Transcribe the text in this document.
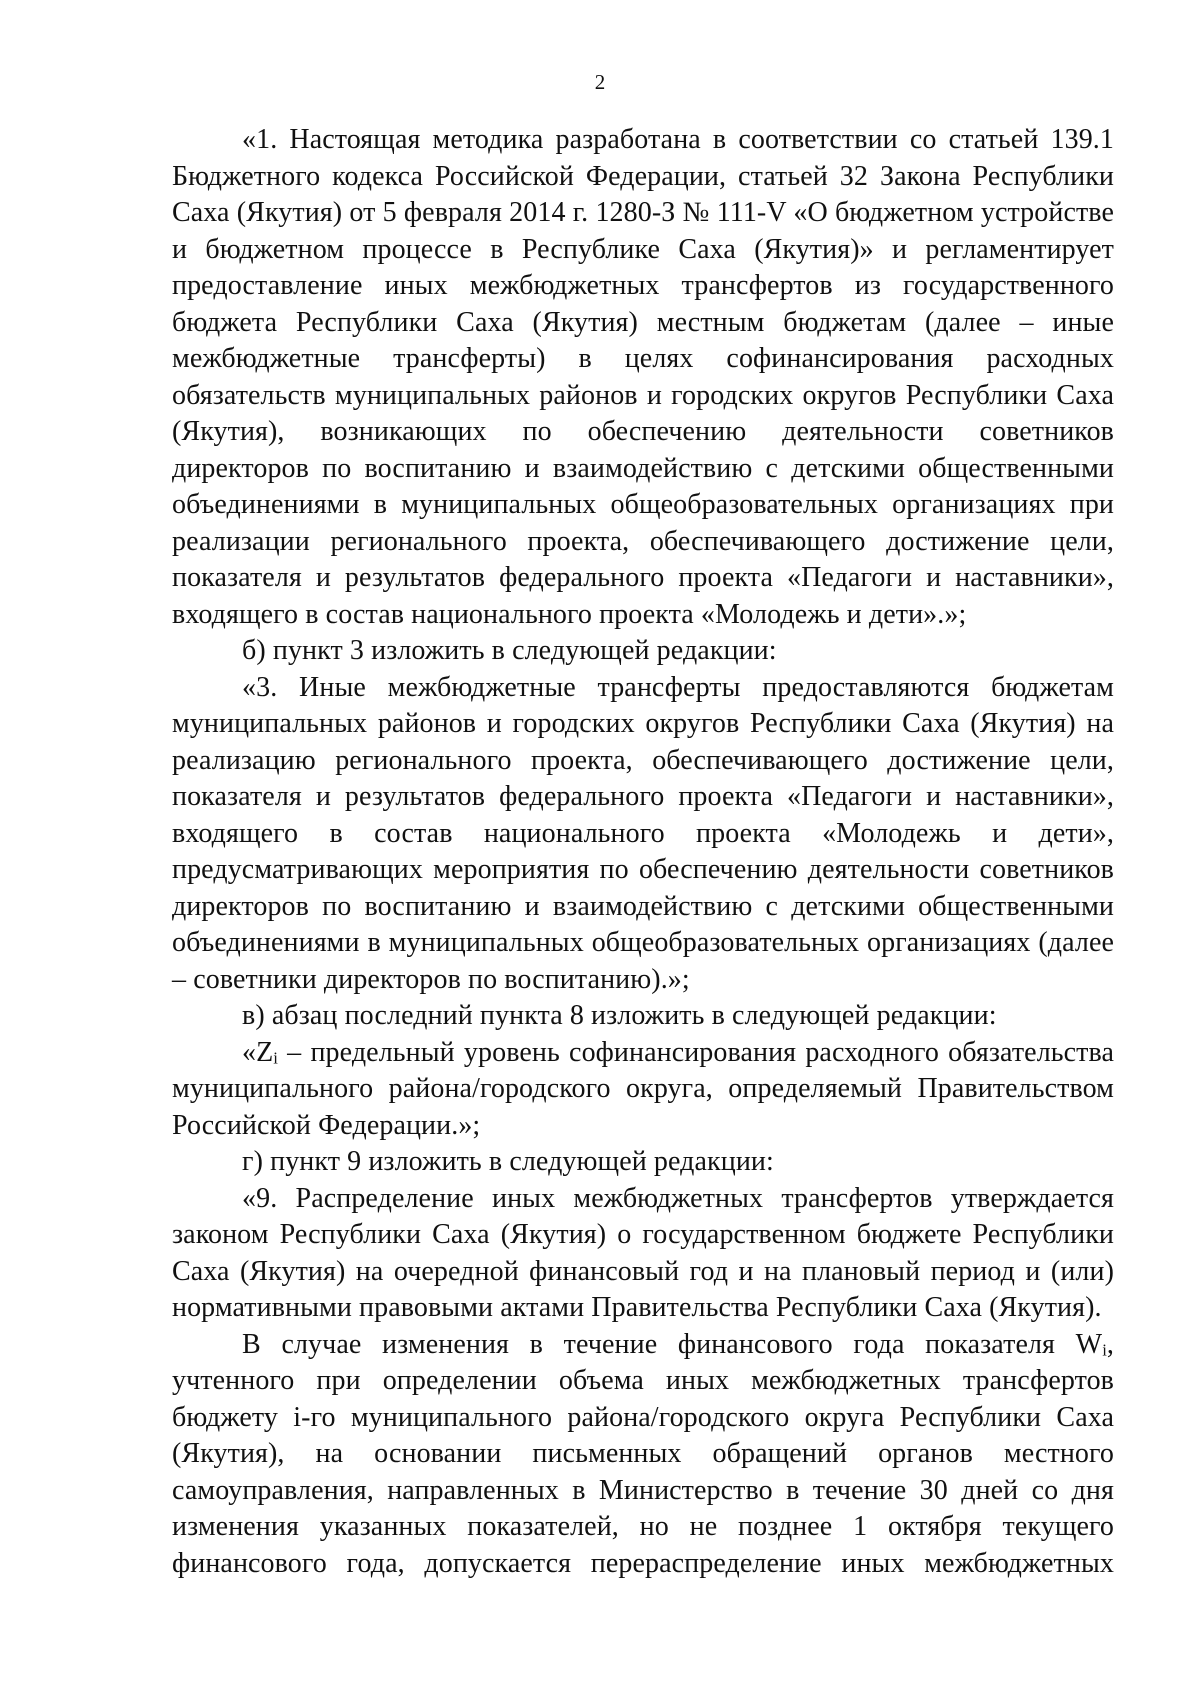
2

«1. Настоящая методика разработана в соответствии со статьей 139.1 Бюджетного кодекса Российской Федерации, статьей 32 Закона Республики Саха (Якутия) от 5 февраля 2014 г. 1280-З № 111-V «О бюджетном устройстве и бюджетном процессе в Республике Саха (Якутия)» и регламентирует предоставление иных межбюджетных трансфертов из государственного бюджета Республики Саха (Якутия) местным бюджетам (далее – иные межбюджетные трансферты) в целях софинансирования расходных обязательств муниципальных районов и городских округов Республики Саха (Якутия), возникающих по обеспечению деятельности советников директоров по воспитанию и взаимодействию с детскими общественными объединениями в муниципальных общеобразовательных организациях при реализации регионального проекта, обеспечивающего достижение цели, показателя и результатов федерального проекта «Педагоги и наставники», входящего в состав национального проекта «Молодежь и дети».»;

б) пункт 3 изложить в следующей редакции:

«3. Иные межбюджетные трансферты предоставляются бюджетам муниципальных районов и городских округов Республики Саха (Якутия) на реализацию регионального проекта, обеспечивающего достижение цели, показателя и результатов федерального проекта «Педагоги и наставники», входящего в состав национального проекта «Молодежь и дети», предусматривающих мероприятия по обеспечению деятельности советников директоров по воспитанию и взаимодействию с детскими общественными объединениями в муниципальных общеобразовательных организациях (далее – советники директоров по воспитанию).»;

в) абзац последний пункта 8 изложить в следующей редакции:

«Zᵢ – предельный уровень софинансирования расходного обязательства муниципального района/городского округа, определяемый Правительством Российской Федерации.»;

г) пункт 9 изложить в следующей редакции:

«9. Распределение иных межбюджетных трансфертов утверждается законом Республики Саха (Якутия) о государственном бюджете Республики Саха (Якутия) на очередной финансовый год и на плановый период и (или) нормативными правовыми актами Правительства Республики Саха (Якутия).

В случае изменения в течение финансового года показателя Wᵢ, учтенного при определении объема иных межбюджетных трансфертов бюджету i-го муниципального района/городского округа Республики Саха (Якутия), на основании письменных обращений органов местного самоуправления, направленных в Министерство в течение 30 дней со дня изменения указанных показателей, но не позднее 1 октября текущего финансового года, допускается перераспределение иных межбюджетных
